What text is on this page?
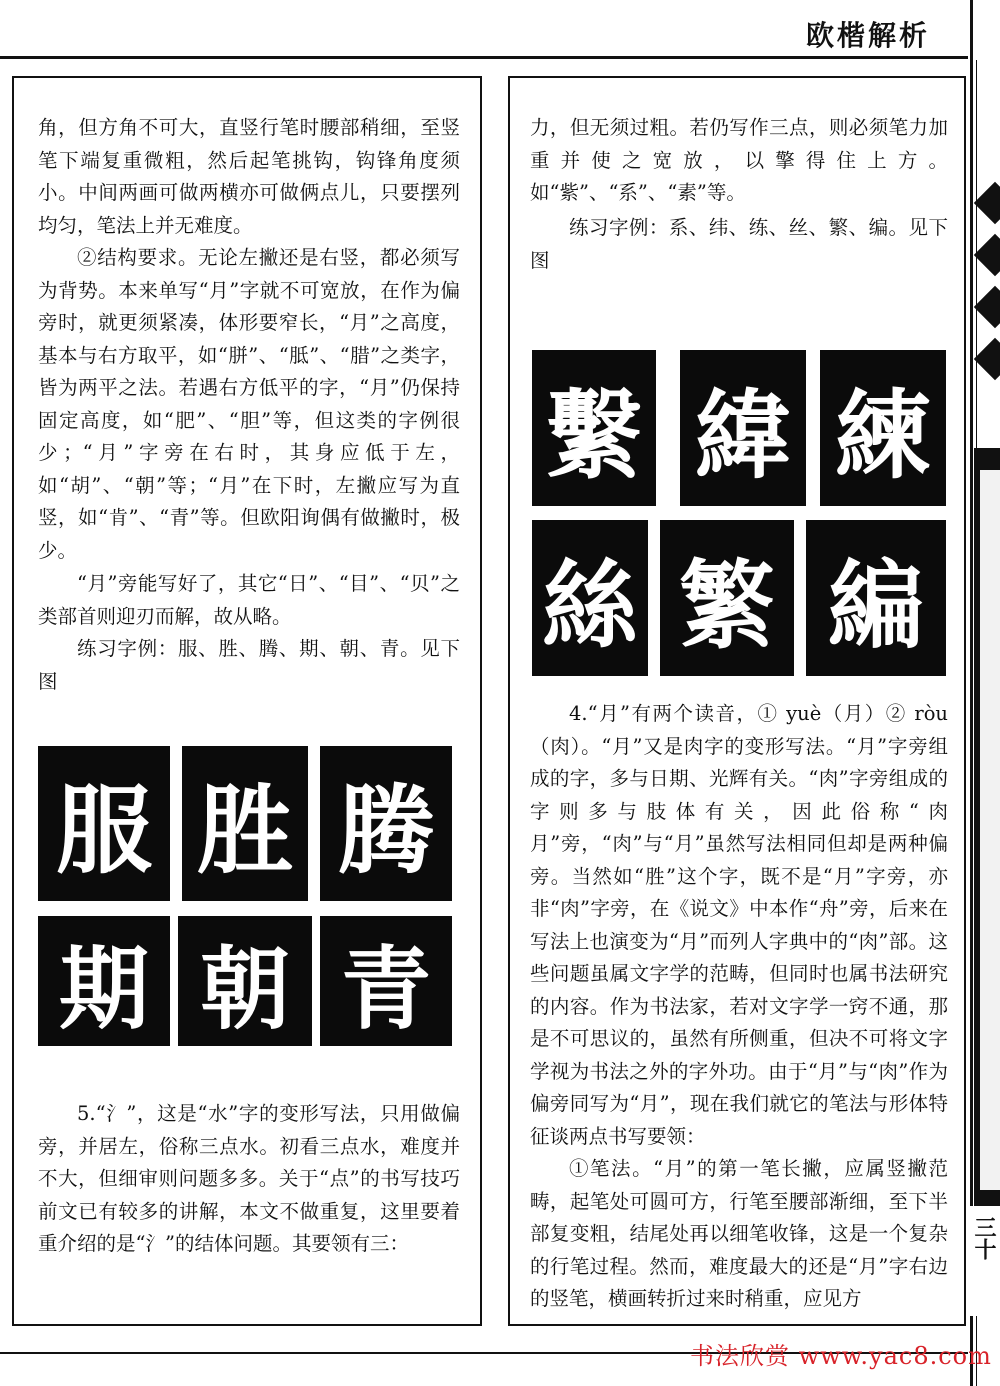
欧楷解析
角，但方角不可大，直竖行笔时腰部稍细，至竖笔下端复重微粗，然后起笔挑钩，钩锋角度须小。中间两画可做两横亦可做俩点儿，只要摆列均匀，笔法上并无难度。
②结构要求。无论左撇还是右竖，都必须写为背势。本来单写“月”字就不可宽放，在作为偏旁时，就更须紧凑，体形要窄长，“月”之高度，基本与右方取平，如“胼”、“胝”、“腊”之类字，皆为两平之法。若遇右方低平的字，“月”仍保持固定高度，如“肥”、“胆”等，但这类的字例很少；“月”字旁在右时，其身应低于左，如“胡”、“朝”等；“月”在下时，左撇应写为直竖，如“肯”、“青”等。但欧阳询偶有做撇时，极少。
“月”旁能写好了，其它“日”、“目”、“贝”之类部首则迎刃而解，故从略。
练习字例：服、胜、腾、期、朝、青。见下图
服 胜 腾
期 朝 青
5.“氵”，这是“水”字的变形写法，只用做偏旁，并居左，俗称三点水。初看三点水，难度并不大，但细审则问题多多。关于“点”的书写技巧前文已有较多的讲解，本文不做重复，这里要着重介绍的是“氵”的结体问题。其要领有三：
力，但无须过粗。若仍写作三点，则必须笔力加重并使之宽放，以擎得住上方。如“紫”、“系”、“素”等。
练习字例：系、纬、练、丝、繁、编。见下图
繫 緯 練
絲 繁 編
4.“月”有两个读音，① yuè（月）② ròu（肉）。“月”又是肉字的变形写法。“月”字旁组成的字，多与日期、光辉有关。“肉”字旁组成的字则多与肢体有关，因此俗称“肉月”旁，“肉”与“月”虽然写法相同但却是两种偏旁。当然如“胜”这个字，既不是“月”字旁，亦非“肉”字旁，在《说文》中本作“舟”旁，后来在写法上也演变为“月”而列人字典中的“肉”部。这些问题虽属文字学的范畴，但同时也属书法研究的内容。作为书法家，若对文字学一窍不通，那是不可思议的，虽然有所侧重，但决不可将文字学视为书法之外的字外功。由于“月”与“肉”作为偏旁同写为“月”，现在我们就它的笔法与形体特征谈两点书写要领：
①笔法。“月”的第一笔长撇，应属竖撇范畴，起笔处可圆可方，行笔至腰部渐细，至下半部复变粗，结尾处再以细笔收锋，这是一个复杂的行笔过程。然而，难度最大的还是“月”字右边的竖笔，横画转折过来时稍重，应见方
三十
书法欣赏 www.yac8.com
